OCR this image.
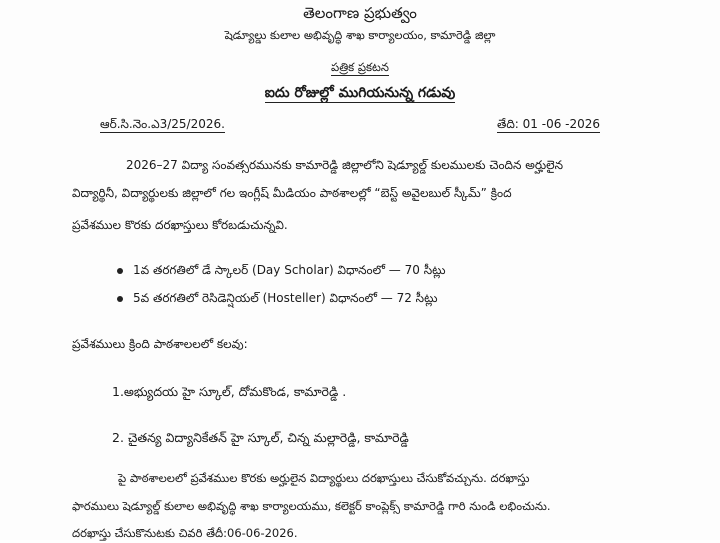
తెలంగాణ ప్రభుత్వం
షెడ్యూల్డు కులాల అభివృద్ధి శాఖ కార్యాలయం, కామారెడ్డి జిల్లా
పత్రిక ప్రకటన
ఐదు రోజుల్లో ముగియనున్న గడువు
ఆర్.సి.నెం.ఎ3/25/2026.	తేది: 01 -06 -2026
2026–27 విద్యా సంవత్సరమునకు కామారెడ్డి జిల్లాలోని షెడ్యూల్డ్ కులములకు చెందిన అర్హులైన
విద్యార్థినీ, విద్యార్థులకు జిల్లాలో గల ఇంగ్లీష్ మీడియం పాఠశాలల్లో “బెస్ట్ అవైలబుల్ స్కీమ్” క్రింద
ప్రవేశముల కొరకు దరఖాస్తులు కోరబడుచున్నవి.
1వ తరగతిలో డే స్కాలర్ (Day Scholar) విధానంలో — 70 సీట్లు
5వ తరగతిలో రెసిడెన్షియల్ (Hosteller) విధానంలో — 72 సీట్లు
ప్రవేశములు క్రింది పాఠశాలలలో కలవు:
1.అభ్యుదయ హై స్కూల్, దోమకొండ, కామారెడ్డి .
2. చైతన్య విద్యానికేతన్ హై స్కూల్, చిన్న మల్లారెడ్డి, కామారెడ్డి
పై పాఠశాలలలో ప్రవేశముల కొరకు అర్హులైన విద్యార్థులు దరఖాస్తులు చేసుకోవచ్చును. దరఖాస్తు
ఫారములు షెడ్యూల్డ్ కులాల అభివృద్ధి శాఖ కార్యాలయము, కలెక్టర్ కాంప్లెక్స్ కామారెడ్డి గారి నుండి లభించును.
దరఖాస్తు చేసుకొనుటకు చివరి తేదీ:06-06-2026.
